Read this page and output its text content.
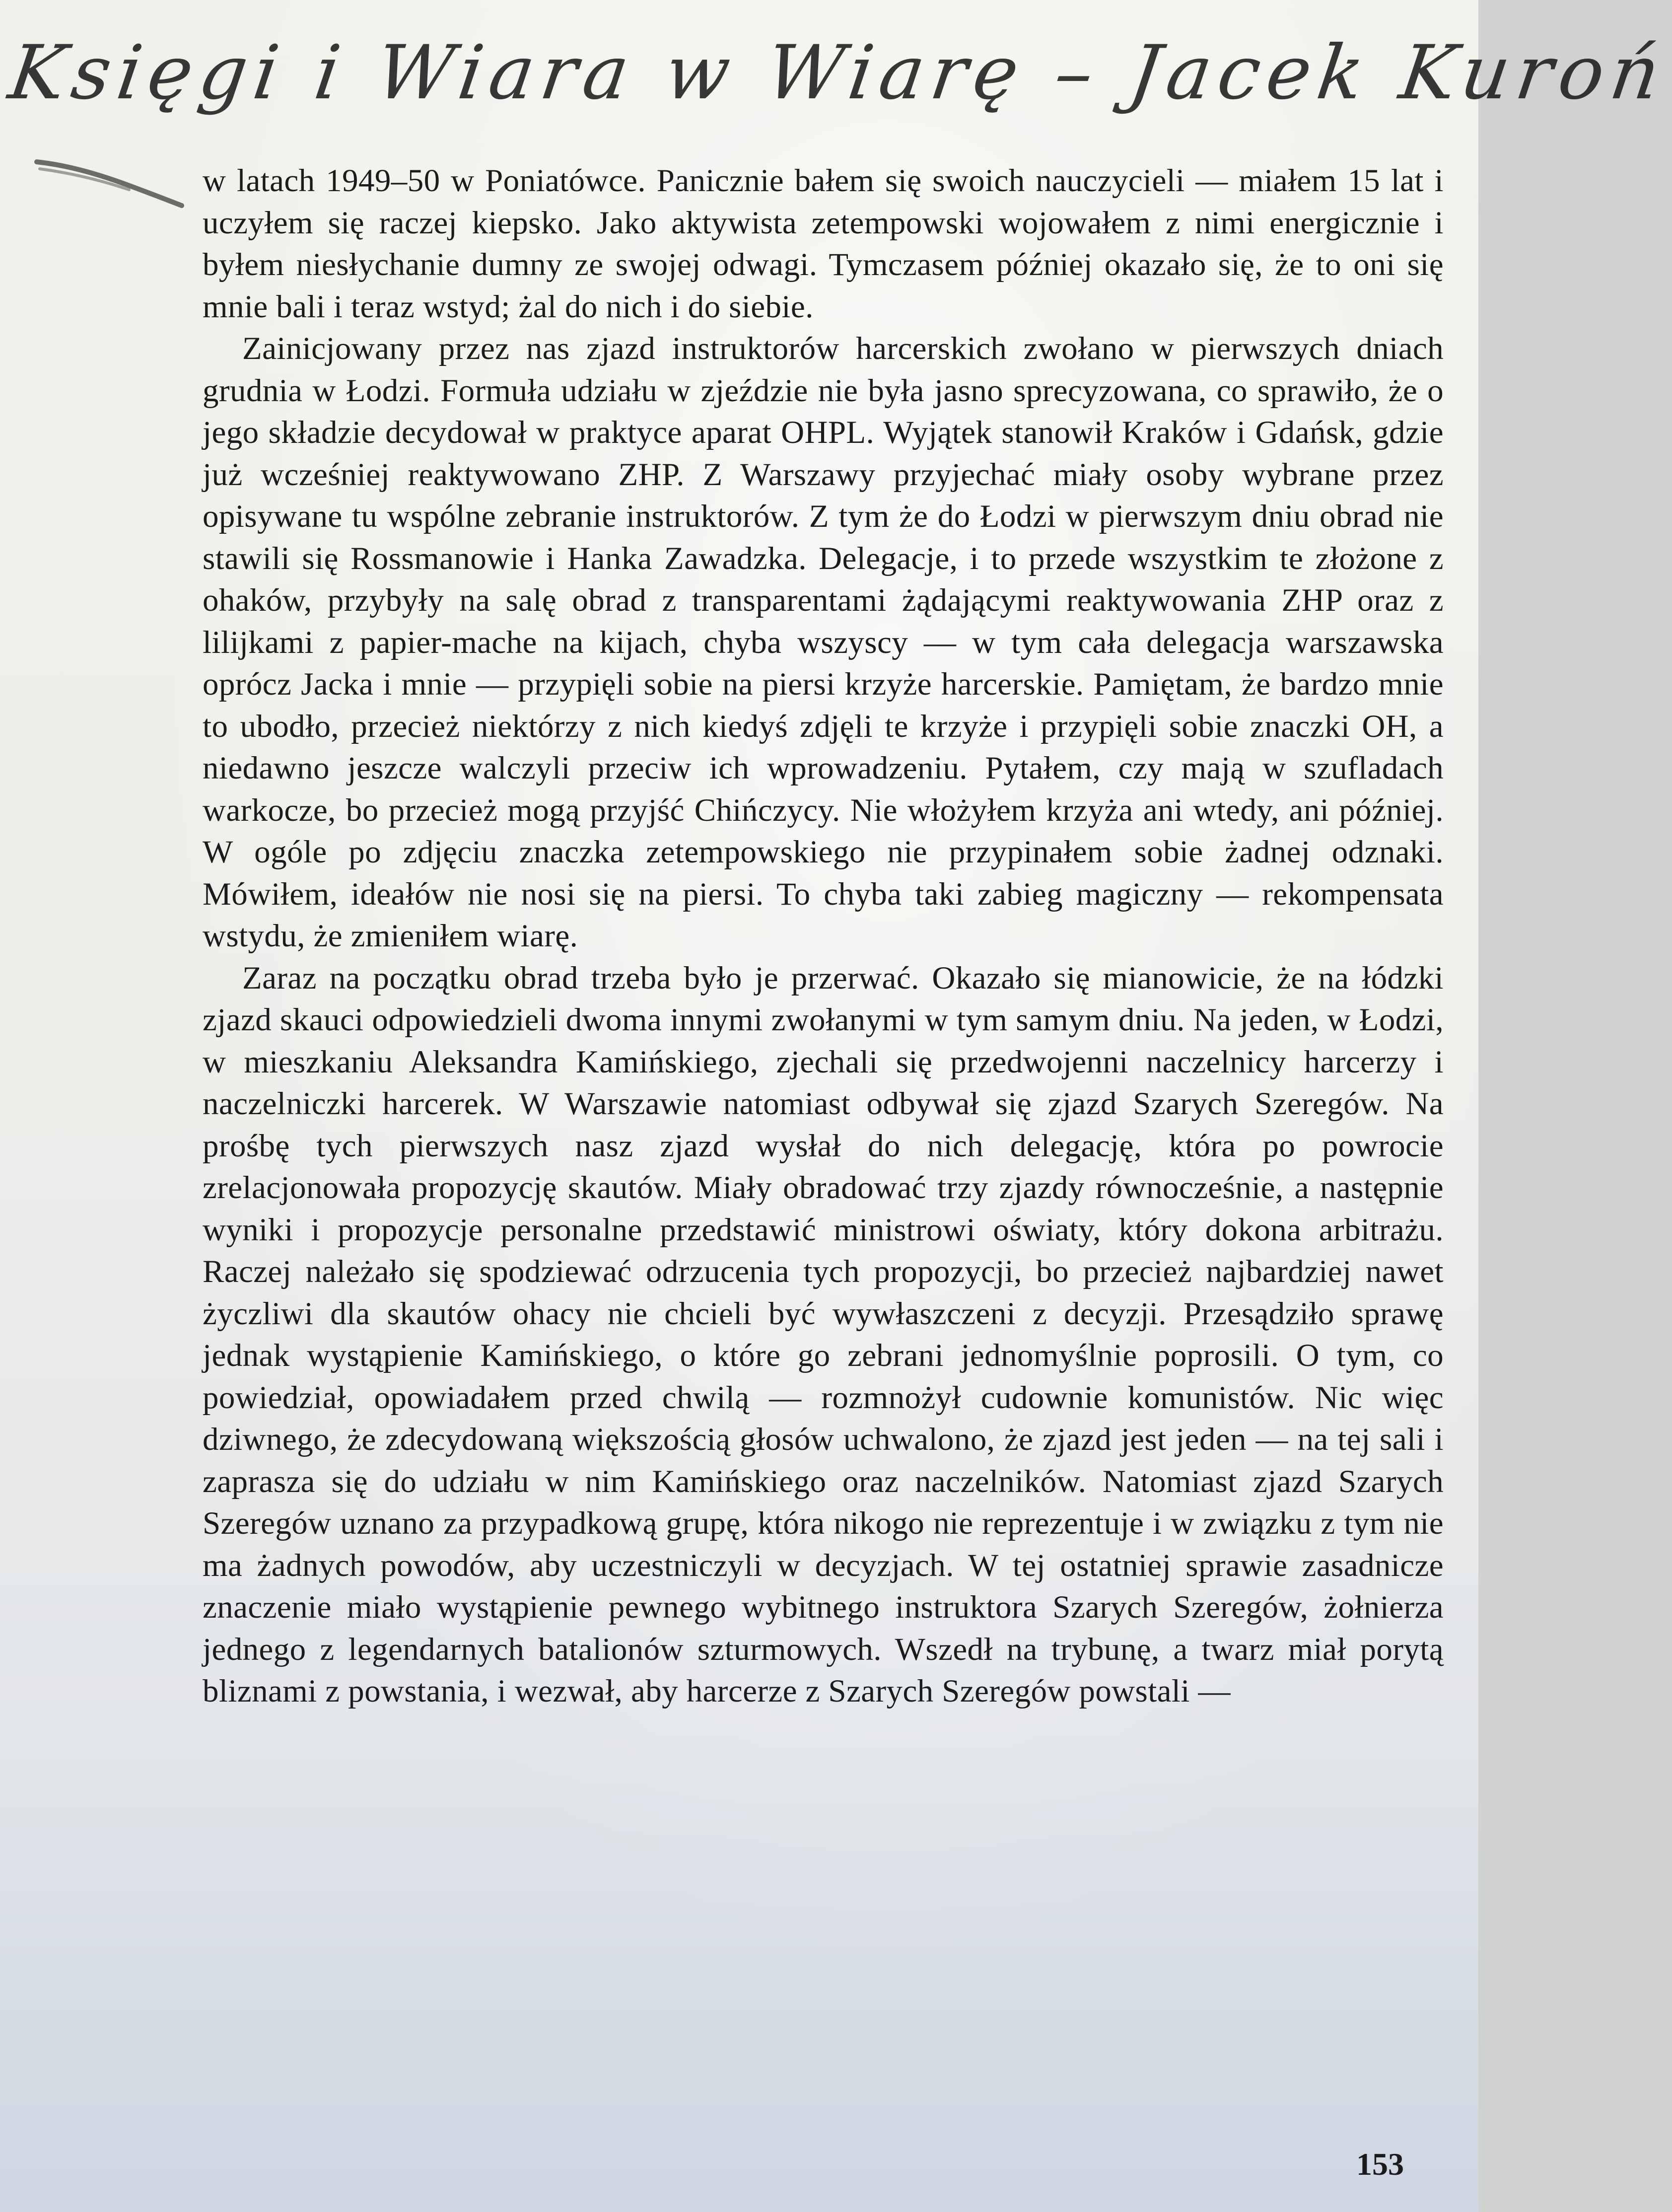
Księgi i Wiara w Wiarę – Jacek Kuroń

w latach 1949–50 w Poniatówce. Panicznie bałem się swoich nauczycieli — miałem 15 lat i uczyłem się raczej kiepsko. Jako aktywista zetempowski wojowałem z nimi energicznie i byłem niesłychanie dumny ze swojej odwagi. Tymczasem później okazało się, że to oni się mnie bali i teraz wstyd; żal do nich i do siebie.

Zainicjowany przez nas zjazd instruktorów harcerskich zwołano w pierwszych dniach grudnia w Łodzi. Formuła udziału w zjeździe nie była jasno sprecyzowana, co sprawiło, że o jego składzie decydował w praktyce aparat OHPL. Wyjątek stanowił Kraków i Gdańsk, gdzie już wcześniej reaktywowano ZHP. Z Warszawy przyjechać miały osoby wybrane przez opisywane tu wspólne zebranie instruktorów. Z tym że do Łodzi w pierwszym dniu obrad nie stawili się Rossmanowie i Hanka Zawadzka. Delegacje, i to przede wszystkim te złożone z ohaków, przybyły na salę obrad z transparentami żądającymi reaktywowania ZHP oraz z lilijkami z papier-mache na kijach, chyba wszyscy — w tym cała delegacja warszawska oprócz Jacka i mnie — przypięli sobie na piersi krzyże harcerskie. Pamiętam, że bardzo mnie to ubodło, przecież niektórzy z nich kiedyś zdjęli te krzyże i przypięli sobie znaczki OH, a niedawno jeszcze walczyli przeciw ich wprowadzeniu. Pytałem, czy mają w szufladach warkocze, bo przecież mogą przyjść Chińczycy. Nie włożyłem krzyża ani wtedy, ani później. W ogóle po zdjęciu znaczka zetempowskiego nie przypinałem sobie żadnej odznaki. Mówiłem, ideałów nie nosi się na piersi. To chyba taki zabieg magiczny — rekompensata wstydu, że zmieniłem wiarę.

Zaraz na początku obrad trzeba było je przerwać. Okazało się mianowicie, że na łódzki zjazd skauci odpowiedzieli dwoma innymi zwołanymi w tym samym dniu. Na jeden, w Łodzi, w mieszkaniu Aleksandra Kamińskiego, zjechali się przedwojenni naczelnicy harcerzy i naczelniczki harcerek. W Warszawie natomiast odbywał się zjazd Szarych Szeregów. Na prośbę tych pierwszych nasz zjazd wysłał do nich delegację, która po powrocie zrelacjonowała propozycję skautów. Miały obradować trzy zjazdy równocześnie, a następnie wyniki i propozycje personalne przedstawić ministrowi oświaty, który dokona arbitrażu. Raczej należało się spodziewać odrzucenia tych propozycji, bo przecież najbardziej nawet życzliwi dla skautów ohacy nie chcieli być wywłaszczeni z decyzji. Przesądziło sprawę jednak wystąpienie Kamińskiego, o które go zebrani jednomyślnie poprosili. O tym, co powiedział, opowiadałem przed chwilą — rozmnożył cudownie komunistów. Nic więc dziwnego, że zdecydowaną większością głosów uchwalono, że zjazd jest jeden — na tej sali i zaprasza się do udziału w nim Kamińskiego oraz naczelników. Natomiast zjazd Szarych Szeregów uznano za przypadkową grupę, która nikogo nie reprezentuje i w związku z tym nie ma żadnych powodów, aby uczestniczyli w decyzjach. W tej ostatniej sprawie zasadnicze znaczenie miało wystąpienie pewnego wybitnego instruktora Szarych Szeregów, żołnierza jednego z legendarnych batalionów szturmowych. Wszedł na trybunę, a twarz miał porytą bliznami z powstania, i wezwał, aby harcerze z Szarych Szeregów powstali —

153
